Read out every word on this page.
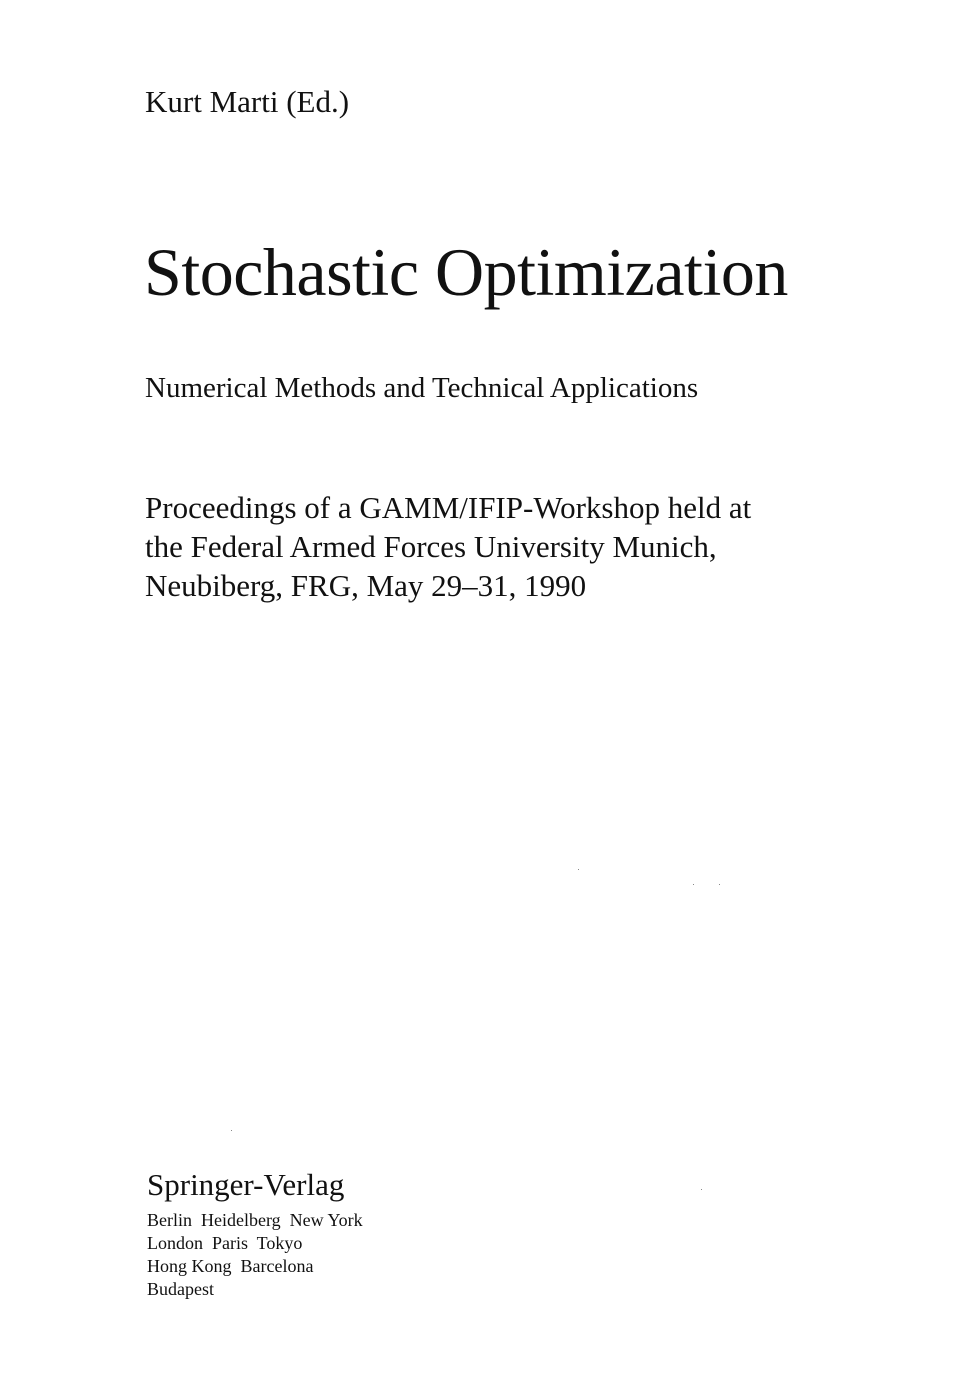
Kurt Marti (Ed.)
Stochastic Optimization
Numerical Methods and Technical Applications
Proceedings of a GAMM/IFIP-Workshop held at
the Federal Armed Forces University Munich,
Neubiberg, FRG, May 29–31, 1990
Springer-Verlag
Berlin  Heidelberg  New York
London  Paris  Tokyo
Hong Kong  Barcelona
Budapest
